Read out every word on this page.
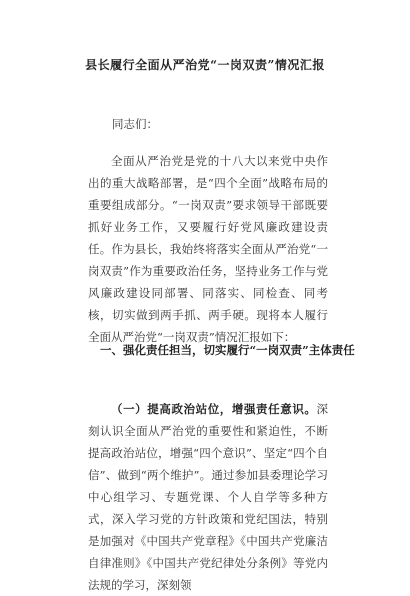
县长履行全面从严治党“一岗双责”情况汇报
同志们：

全面从严治党是党的十八大以来党中央作出的重大战略部署，是“四个全面”战略布局的重要组成部分。“一岗双责”要求领导干部既要抓好业务工作，又要履行好党风廉政建设责任。作为县长，我始终将落实全面从严治党“一岗双责”作为重要政治任务，坚持业务工作与党风廉政建设同部署、同落实、同检查、同考核，切实做到两手抓、两手硬。现将本人履行全面从严治党“一岗双责”情况汇报如下：

一、强化责任担当，切实履行“一岗双责”主体责任

（一）提高政治站位，增强责任意识。深刻认识全面从严治党的重要性和紧迫性，不断提高政治站位，增强“四个意识”、坚定“四个自信”、做到“两个维护”。通过参加县委理论学习中心组学习、专题党课、个人自学等多种方式，深入学习党的方针政策和党纪国法，特别是加强对《中国共产党章程》《中国共产党廉洁自律准则》《中国共产党纪律处分条例》等党内法规的学习，深刻领
